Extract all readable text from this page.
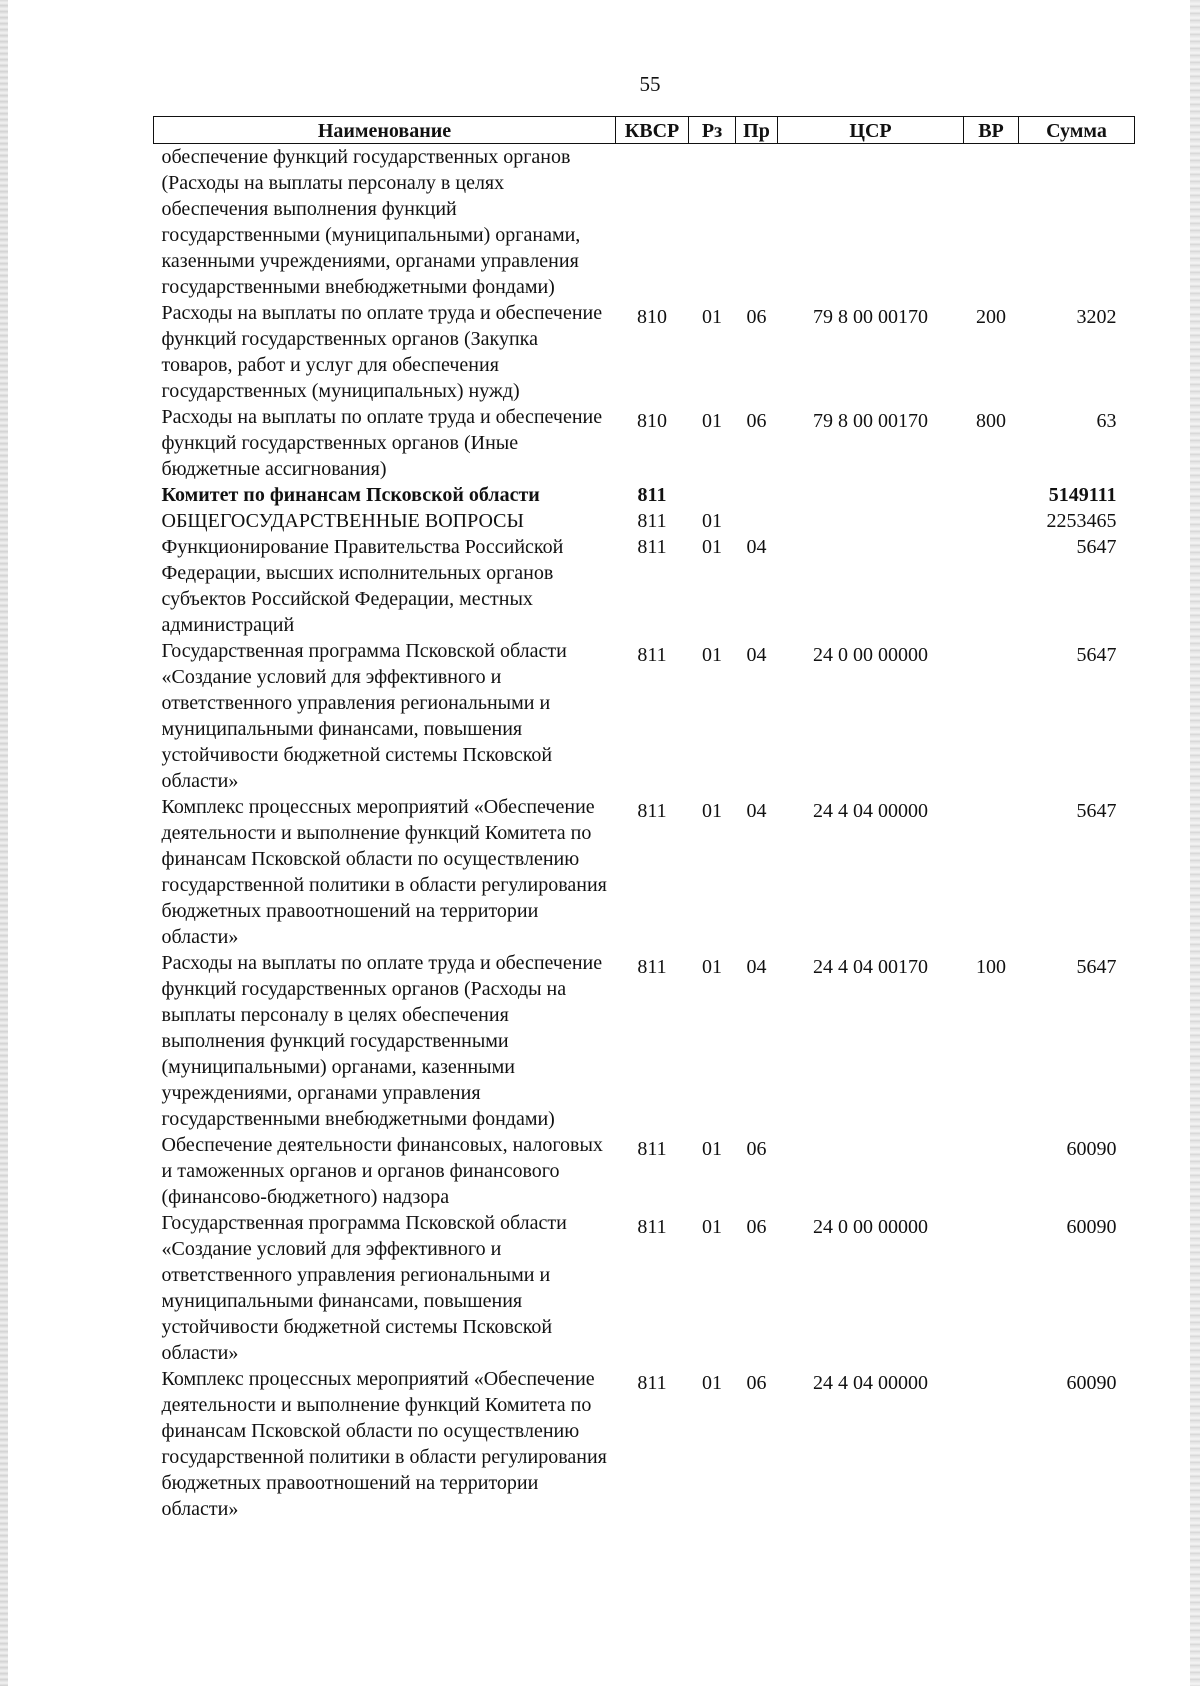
55
Наименование	КВСР	Рз	Пр	ЦСР	ВР	Сумма
обеспечение функций государственных органов (Расходы на выплаты персоналу в целях обеспечения выполнения функций государственными (муниципальными) органами, казенными учреждениями, органами управления государственными внебюджетными фондами)						
Расходы на выплаты по оплате труда и обеспечение функций государственных органов (Закупка товаров, работ и услуг для обеспечения государственных (муниципальных) нужд)	810	01	06	79 8 00 00170	200	3202
Расходы на выплаты по оплате труда и обеспечение функций государственных органов (Иные бюджетные ассигнования)	810	01	06	79 8 00 00170	800	63
Комитет по финансам Псковской области	811					5149111
ОБЩЕГОСУДАРСТВЕННЫЕ ВОПРОСЫ	811	01				2253465
Функционирование Правительства Российской Федерации, высших исполнительных органов субъектов Российской Федерации, местных администраций	811	01	04			5647
Государственная программа Псковской области «Создание условий для эффективного и ответственного управления региональными и муниципальными финансами, повышения устойчивости бюджетной системы Псковской области»	811	01	04	24 0 00 00000		5647
Комплекс процессных мероприятий «Обеспечение деятельности и выполнение функций Комитета по финансам Псковской области по осуществлению государственной политики в области регулирования бюджетных правоотношений на территории области»	811	01	04	24 4 04 00000		5647
Расходы на выплаты по оплате труда и обеспечение функций государственных органов (Расходы на выплаты персоналу в целях обеспечения выполнения функций государственными (муниципальными) органами, казенными учреждениями, органами управления государственными внебюджетными фондами)	811	01	04	24 4 04 00170	100	5647
Обеспечение деятельности финансовых, налоговых и таможенных органов и органов финансового (финансово-бюджетного) надзора	811	01	06			60090
Государственная программа Псковской области «Создание условий для эффективного и ответственного управления региональными и муниципальными финансами, повышения устойчивости бюджетной системы Псковской области»	811	01	06	24 0 00 00000		60090
Комплекс процессных мероприятий «Обеспечение деятельности и выполнение функций Комитета по финансам Псковской области по осуществлению государственной политики в области регулирования бюджетных правоотношений на территории области»	811	01	06	24 4 04 00000		60090
